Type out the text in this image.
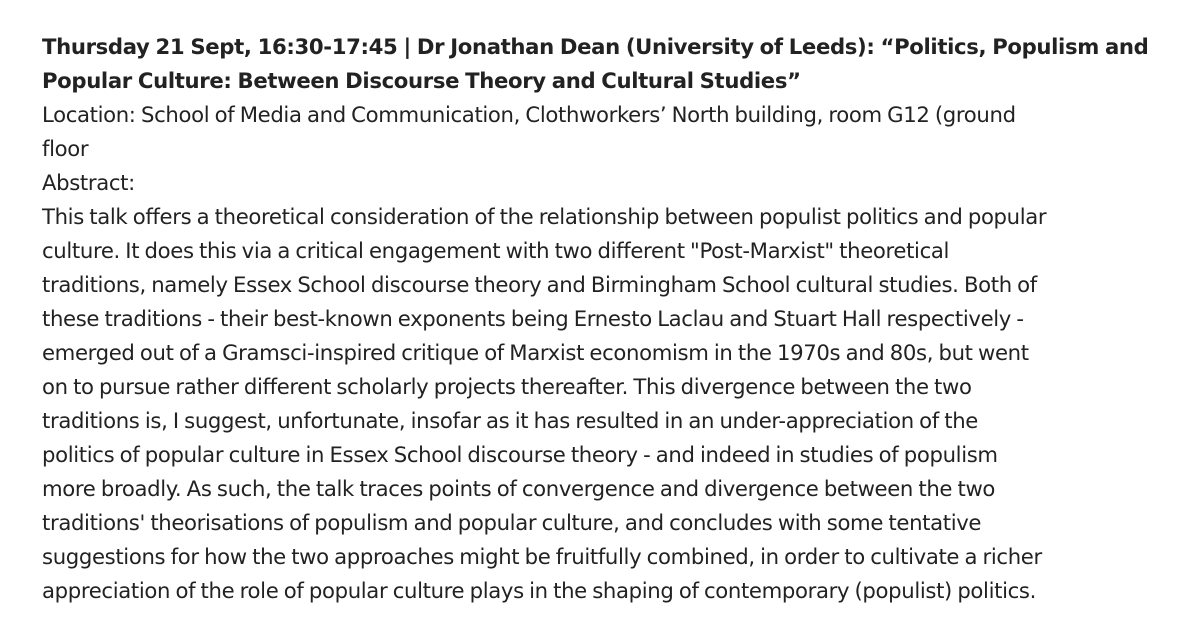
Thursday 21 Sept, 16:30-17:45 | Dr Jonathan Dean (University of Leeds): “Politics, Populism and
Popular Culture: Between Discourse Theory and Cultural Studies”
Location: School of Media and Communication, Clothworkers’ North building, room G12 (ground
floor
Abstract:
This talk offers a theoretical consideration of the relationship between populist politics and popular
culture. It does this via a critical engagement with two different "Post-Marxist" theoretical
traditions, namely Essex School discourse theory and Birmingham School cultural studies. Both of
these traditions - their best-known exponents being Ernesto Laclau and Stuart Hall respectively -
emerged out of a Gramsci-inspired critique of Marxist economism in the 1970s and 80s, but went
on to pursue rather different scholarly projects thereafter. This divergence between the two
traditions is, I suggest, unfortunate, insofar as it has resulted in an under-appreciation of the
politics of popular culture in Essex School discourse theory - and indeed in studies of populism
more broadly. As such, the talk traces points of convergence and divergence between the two
traditions' theorisations of populism and popular culture, and concludes with some tentative
suggestions for how the two approaches might be fruitfully combined, in order to cultivate a richer
appreciation of the role of popular culture plays in the shaping of contemporary (populist) politics.
